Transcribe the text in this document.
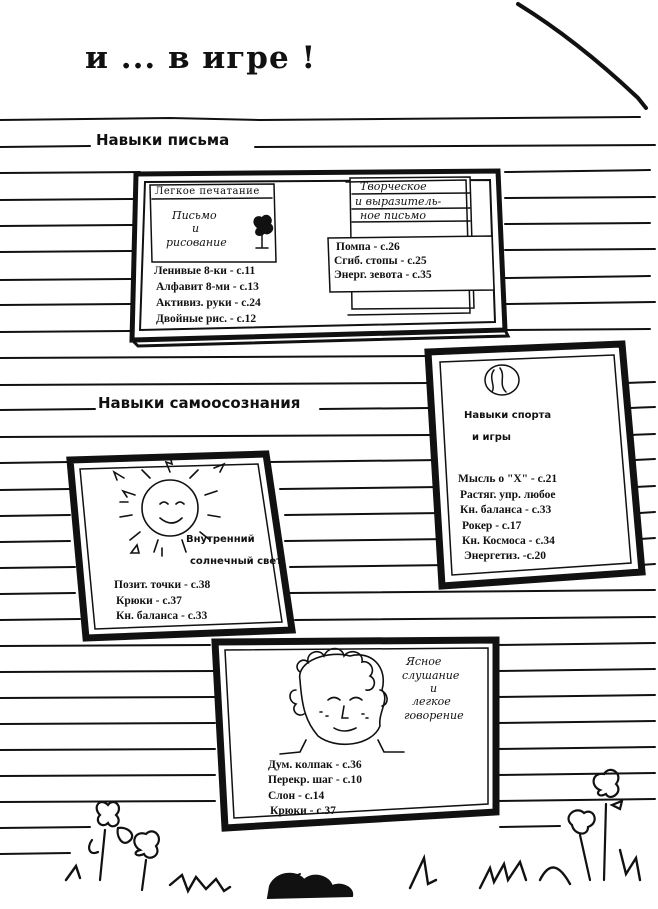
и ... в игре !
Навыки письма
Навыки самоосознания
Легкое печатание
Письмо
и
рисование
Творческое
и выразитель-
ное письмо
Помпа - с.26
Сгиб. стопы - с.25
Энерг. зевота - с.35
Ленивые 8-ки - с.11
Алфавит 8-ми - с.13
Активиз. руки - с.24
Двойные рис. - с.12
Навыки спорта
и игры
Мысль о "X" - с.21
Растяг. упр. любое
Кн. баланса - с.33
Рокер - с.17
Кн. Космоса - с.34
Энергетиз. -с.20
Внутренний
солнечный свет
Позит. точки - с.38
Крюки - с.37
Кн. баланса - с.33
Ясное
слушание
и
легкое
говорение
Дум. колпак - с.36
Перекр. шаг - с.10
Слон - с.14
Крюки - с.37
